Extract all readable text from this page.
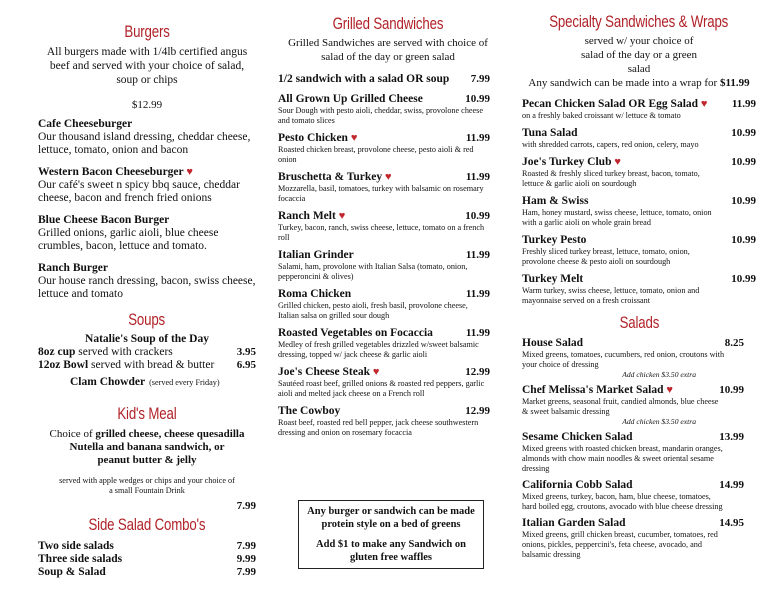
Burgers
All burgers made with 1/4lb certified angus beef and served with your choice of salad, soup or chips
$12.99
Cafe Cheeseburger
Our thousand island dressing, cheddar cheese, lettuce, tomato, onion and bacon
Western Bacon Cheeseburger ♥
Our café's sweet n spicy bbq sauce, cheddar cheese, bacon and french fried onions
Blue Cheese Bacon Burger
Grilled onions, garlic aioli, blue cheese crumbles, bacon, lettuce and tomato.
Ranch Burger
Our house ranch dressing, bacon, swiss cheese, lettuce and tomato
Soups
Natalie's Soup of the Day
8oz cup served with crackers	3.95
12oz Bowl served with bread & butter 6.95
Clam Chowder (served every Friday)
Kid's Meal
Choice of grilled cheese, cheese quesadilla
Nutella and banana sandwich, or
peanut butter & jelly
served with apple wedges or chips and your choice of a small Fountain Drink
7.99
Side Salad Combo's
Two side salads	7.99
Three side salads	9.99
Soup & Salad	7.99
Grilled Sandwiches
Grilled Sandwiches are served with choice of salad of the day or green salad
1/2 sandwich with a salad OR soup 7.99
All Grown Up Grilled Cheese	10.99
Sour Dough with pesto aioli, cheddar, swiss, provolone cheese and tomato slices
Pesto Chicken ♥	11.99
Roasted chicken breast, provolone cheese, pesto aioli & red onion
Bruschetta & Turkey ♥	11.99
Mozzarella, basil, tomatoes, turkey with balsamic on rosemary focaccia
Ranch Melt ♥	10.99
Turkey, bacon, ranch, swiss cheese, lettuce, tomato on a french roll
Italian Grinder	11.99
Salami, ham, provolone with Italian Salsa (tomato, onion, pepperoncini & olives)
Roma Chicken	11.99
Grilled chicken, pesto aioli, fresh basil, provolone cheese, Italian salsa on grilled sour dough
Roasted Vegetables on Focaccia	11.99
Medley of fresh grilled vegetables drizzled w/sweet balsamic dressing, topped w/ jack cheese & garlic aioli
Joe's Cheese Steak ♥	12.99
Sautéed roast beef, grilled onions & roasted red peppers, garlic aioli and melted jack cheese on a French roll
The Cowboy	12.99
Roast beef, roasted red bell pepper, jack cheese southwestern dressing and onion on rosemary focaccia
Any burger or sandwich can be made protein style on a bed of greens
Add $1 to make any Sandwich on gluten free waffles
Specialty Sandwiches & Wraps
served w/ your choice of salad of the day or a green salad
Any sandwich can be made into a wrap for $11.99
Pecan Chicken Salad OR Egg Salad ♥ 11.99
on a freshly baked croissant w/ lettuce & tomato
Tuna Salad	10.99
with shredded carrots, capers, red onion, celery, mayo
Joe's Turkey Club ♥	10.99
Roasted & freshly sliced turkey breast, bacon, tomato, lettuce & garlic aioli on sourdough
Ham & Swiss	10.99
Ham, honey mustard, swiss cheese, lettuce, tomato, onion with a garlic aioli on whole grain bread
Turkey Pesto	10.99
Freshly sliced turkey breast, lettuce, tomato, onion, provolone cheese & pesto aioli on sourdough
Turkey Melt	10.99
Warm turkey, swiss cheese, lettuce, tomato, onion and mayonnaise served on a fresh croissant
Salads
House Salad	8.25
Mixed greens, tomatoes, cucumbers, red onion, croutons with your choice of dressing
Add chicken $3.50 extra
Chef Melissa's Market Salad ♥	10.99
Market greens, seasonal fruit, candied almonds, blue cheese & sweet balsamic dressing
Add chicken $3.50 extra
Sesame Chicken Salad	13.99
Mixed greens with roasted chicken breast, mandarin oranges, almonds with chow main noodles & sweet oriental sesame dressing
California Cobb Salad	14.99
Mixed greens, turkey, bacon, ham, blue cheese, tomatoes, hard boiled egg, croutons, avocado with blue cheese dressing
Italian Garden Salad	14.95
Mixed greens, grill chicken breast, cucumber, tomatoes, red onions, pickles, peppercini's, feta cheese, avocado, and balsamic dressing
